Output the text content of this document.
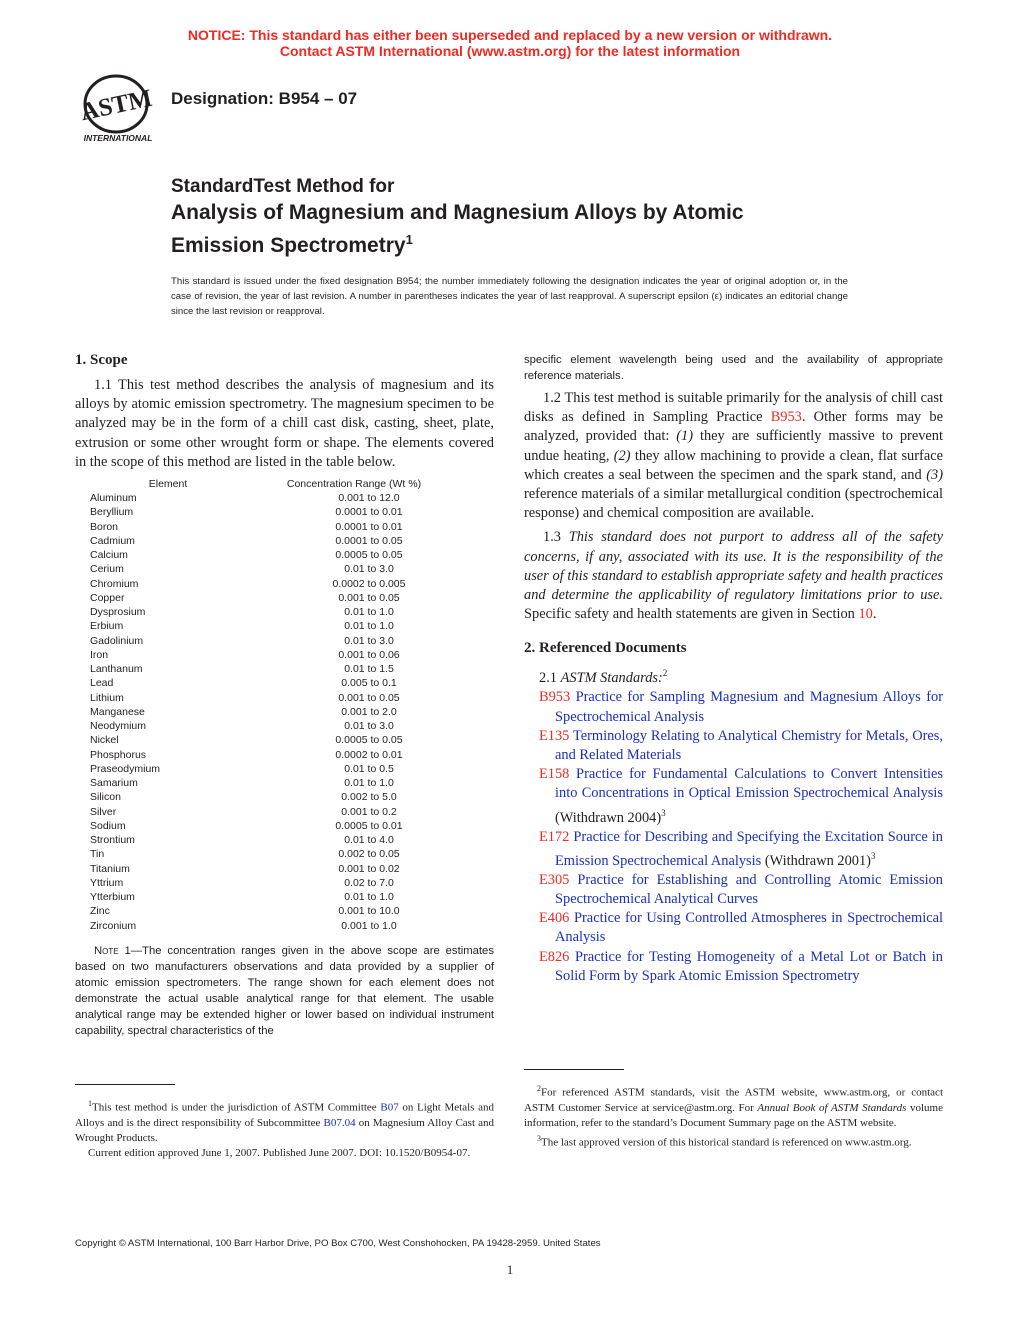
NOTICE: This standard has either been superseded and replaced by a new version or withdrawn.
Contact ASTM International (www.astm.org) for the latest information
ASTM
INTERNATIONAL
Designation: B954 – 07
StandardTest Method for
Analysis of Magnesium and Magnesium Alloys by Atomic
Emission Spectrometry$^1$
This standard is issued under the fixed designation B954; the number immediately following the designation indicates the year of original adoption or, in the case of revision, the year of last revision. A number in parentheses indicates the year of last reapproval. A superscript epsilon (ε) indicates an editorial change since the last revision or reapproval.
1. Scope

1.1 This test method describes the analysis of magnesium and its alloys by atomic emission spectrometry. The magnesium specimen to be analyzed may be in the form of a chill cast disk, casting, sheet, plate, extrusion or some other wrought form or shape. The elements covered in the scope of this method are listed in the table below.

Element	Concentration Range (Wt %)
Aluminum	0.001 to 12.0
Beryllium	0.0001 to 0.01
Boron	0.0001 to 0.01
Cadmium	0.0001 to 0.05
Calcium	0.0005 to 0.05
Cerium	0.01 to 3.0
Chromium	0.0002 to 0.005
Copper	0.001 to 0.05
Dysprosium	0.01 to 1.0
Erbium	0.01 to 1.0
Gadolinium	0.01 to 3.0
Iron	0.001 to 0.06
Lanthanum	0.01 to 1.5
Lead	0.005 to 0.1
Lithium	0.001 to 0.05
Manganese	0.001 to 2.0
Neodymium	0.01 to 3.0
Nickel	0.0005 to 0.05
Phosphorus	0.0002 to 0.01
Praseodymium	0.01 to 0.5
Samarium	0.01 to 1.0
Silicon	0.002 to 5.0
Silver	0.001 to 0.2
Sodium	0.0005 to 0.01
Strontium	0.01 to 4.0
Tin	0.002 to 0.05
Titanium	0.001 to 0.02
Yttrium	0.02 to 7.0
Ytterbium	0.01 to 1.0
Zinc	0.001 to 10.0
Zirconium	0.001 to 1.0
Note 1—The concentration ranges given in the above scope are estimates based on two manufacturers observations and data provided by a supplier of atomic emission spectrometers. The range shown for each element does not demonstrate the actual usable analytical range for that element. The usable analytical range may be extended higher or lower based on individual instrument capability, spectral characteristics of the
specific element wavelength being used and the availability of appropriate reference materials.

1.2 This test method is suitable primarily for the analysis of chill cast disks as defined in Sampling Practice B953. Other forms may be analyzed, provided that: (1) they are sufficiently massive to prevent undue heating, (2) they allow machining to provide a clean, flat surface which creates a seal between the specimen and the spark stand, and (3) reference materials of a similar metallurgical condition (spectrochemical response) and chemical composition are available.

1.3 This standard does not purport to address all of the safety concerns, if any, associated with its use. It is the responsibility of the user of this standard to establish appropriate safety and health practices and determine the applicability of regulatory limitations prior to use. Specific safety and health statements are given in Section 10.

2. Referenced Documents

2.1 ASTM Standards:$^2$

B953 Practice for Sampling Magnesium and Magnesium Alloys for Spectrochemical Analysis

E135 Terminology Relating to Analytical Chemistry for Metals, Ores, and Related Materials

E158 Practice for Fundamental Calculations to Convert Intensities into Concentrations in Optical Emission Spectrochemical Analysis (Withdrawn 2004)$^3$

E172 Practice for Describing and Specifying the Excitation Source in Emission Spectrochemical Analysis (Withdrawn 2001)$^3$

E305 Practice for Establishing and Controlling Atomic Emission Spectrochemical Analytical Curves

E406 Practice for Using Controlled Atmospheres in Spectrochemical Analysis

E826 Practice for Testing Homogeneity of a Metal Lot or Batch in Solid Form by Spark Atomic Emission Spectrometry

$^1$This test method is under the jurisdiction of ASTM Committee B07 on Light Metals and Alloys and is the direct responsibility of Subcommittee B07.04 on Magnesium Alloy Cast and Wrought Products.
Current edition approved June 1, 2007. Published June 2007. DOI: 10.1520/B0954-07.
$^2$For referenced ASTM standards, visit the ASTM website, www.astm.org, or contact ASTM Customer Service at service@astm.org. For Annual Book of ASTM Standards volume information, refer to the standard’s Document Summary page on the ASTM website.
$^3$The last approved version of this historical standard is referenced on www.astm.org.
Copyright © ASTM International, 100 Barr Harbor Drive, PO Box C700, West Conshohocken, PA 19428-2959. United States
1
